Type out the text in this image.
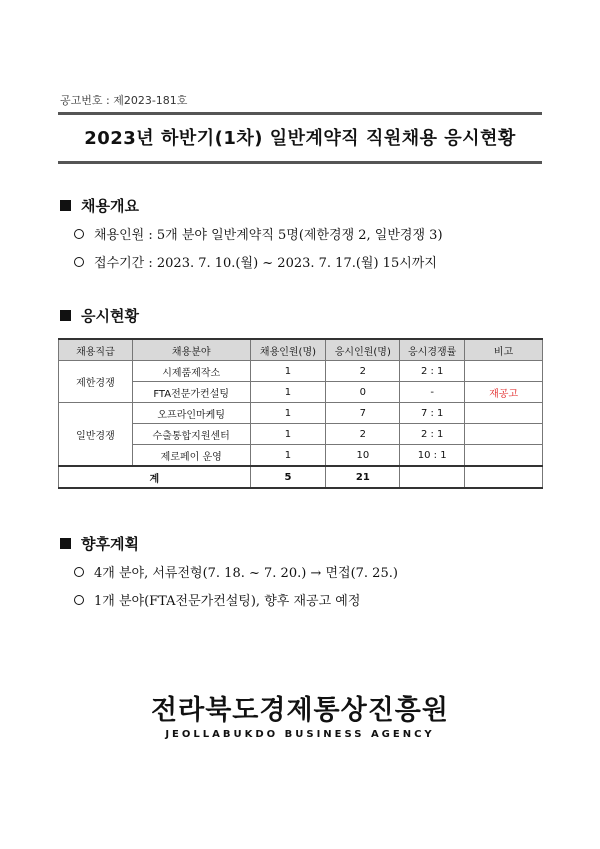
공고번호 : 제2023-181호
2023년 하반기(1차) 일반계약직 직원채용 응시현황
채용개요
채용인원 : 5개 분야 일반계약직 5명(제한경쟁 2, 일반경쟁 3)
접수기간 : 2023. 7. 10.(월) ~ 2023. 7. 17.(월) 15시까지
응시현황
채용직급	채용분야	채용인원(명)	응시인원(명)	응시경쟁률	비고
제한경쟁	시제품제작소	1	2	2 : 1	
	FTA전문가컨설팅	1	0	-	재공고
일반경쟁	오프라인마케팅	1	7	7 : 1	
	수출통합지원센터	1	2	2 : 1	
	제로페이 운영	1	10	10 : 1	
계		5	21		
향후계획
4개 분야, 서류전형(7. 18. ~ 7. 20.) → 면접(7. 25.)
1개 분야(FTA전문가컨설팅), 향후 재공고 예정
전라북도경제통상진흥원
JEOLLABUKDO BUSINESS AGENCY
